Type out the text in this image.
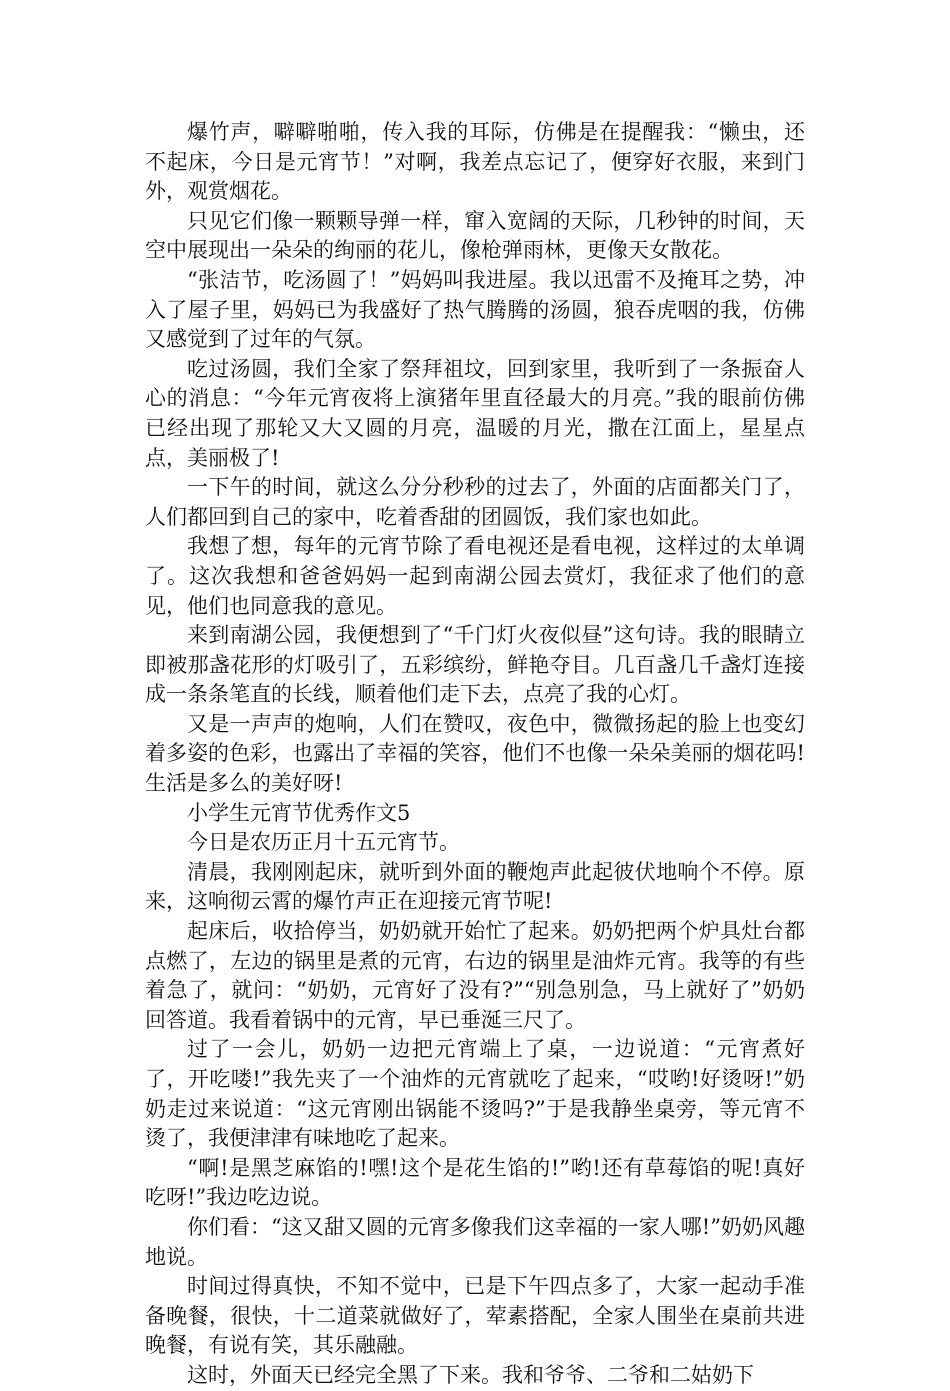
爆竹声，噼噼啪啪，传入我的耳际，仿佛是在提醒我：“懒虫，还不起床，今日是元宵节！”对啊，我差点忘记了，便穿好衣服，来到门外，观赏烟花。

只见它们像一颗颗导弹一样，窜入宽阔的天际，几秒钟的时间，天空中展现出一朵朵的绚丽的花儿，像枪弹雨林，更像天女散花。

“张洁节，吃汤圆了！”妈妈叫我进屋。我以迅雷不及掩耳之势，冲入了屋子里，妈妈已为我盛好了热气腾腾的汤圆，狼吞虎咽的我，仿佛又感觉到了过年的气氛。

吃过汤圆，我们全家了祭拜祖坟，回到家里，我听到了一条振奋人心的消息：“今年元宵夜将上演猪年里直径最大的月亮。”我的眼前仿佛已经出现了那轮又大又圆的月亮，温暖的月光，撒在江面上，星星点点，美丽极了!

一下午的时间，就这么分分秒秒的过去了，外面的店面都关门了，人们都回到自己的家中，吃着香甜的团圆饭，我们家也如此。

我想了想，每年的元宵节除了看电视还是看电视，这样过的太单调了。这次我想和爸爸妈妈一起到南湖公园去赏灯，我征求了他们的意见，他们也同意我的意见。

来到南湖公园，我便想到了“千门灯火夜似昼”这句诗。我的眼睛立即被那盏花形的灯吸引了，五彩缤纷，鲜艳夺目。几百盏几千盏灯连接成一条条笔直的长线，顺着他们走下去，点亮了我的心灯。

又是一声声的炮响，人们在赞叹，夜色中，微微扬起的脸上也变幻着多姿的色彩，也露出了幸福的笑容，他们不也像一朵朵美丽的烟花吗!生活是多么的美好呀!

小学生元宵节优秀作文5

今日是农历正月十五元宵节。

清晨，我刚刚起床，就听到外面的鞭炮声此起彼伏地响个不停。原来，这响彻云霄的爆竹声正在迎接元宵节呢!

起床后，收拾停当，奶奶就开始忙了起来。奶奶把两个炉具灶台都点燃了，左边的锅里是煮的元宵，右边的锅里是油炸元宵。我等的有些着急了，就问：“奶奶，元宵好了没有?”“别急别急，马上就好了”奶奶回答道。我看着锅中的元宵，早已垂涎三尺了。

过了一会儿，奶奶一边把元宵端上了桌，一边说道：“元宵煮好了，开吃喽!”我先夹了一个油炸的元宵就吃了起来，“哎哟!好烫呀!”奶奶走过来说道：“这元宵刚出锅能不烫吗?”于是我静坐桌旁，等元宵不烫了，我便津津有味地吃了起来。

“啊!是黑芝麻馅的!嘿!这个是花生馅的!”哟!还有草莓馅的呢!真好吃呀!”我边吃边说。

你们看：“这又甜又圆的元宵多像我们这幸福的一家人哪!”奶奶风趣地说。

时间过得真快，不知不觉中，已是下午四点多了，大家一起动手准备晚餐，很快，十二道菜就做好了，荤素搭配，全家人围坐在桌前共进晚餐，有说有笑，其乐融融。

这时，外面天已经完全黑了下来。我和爷爷、二爷和二姑奶下
